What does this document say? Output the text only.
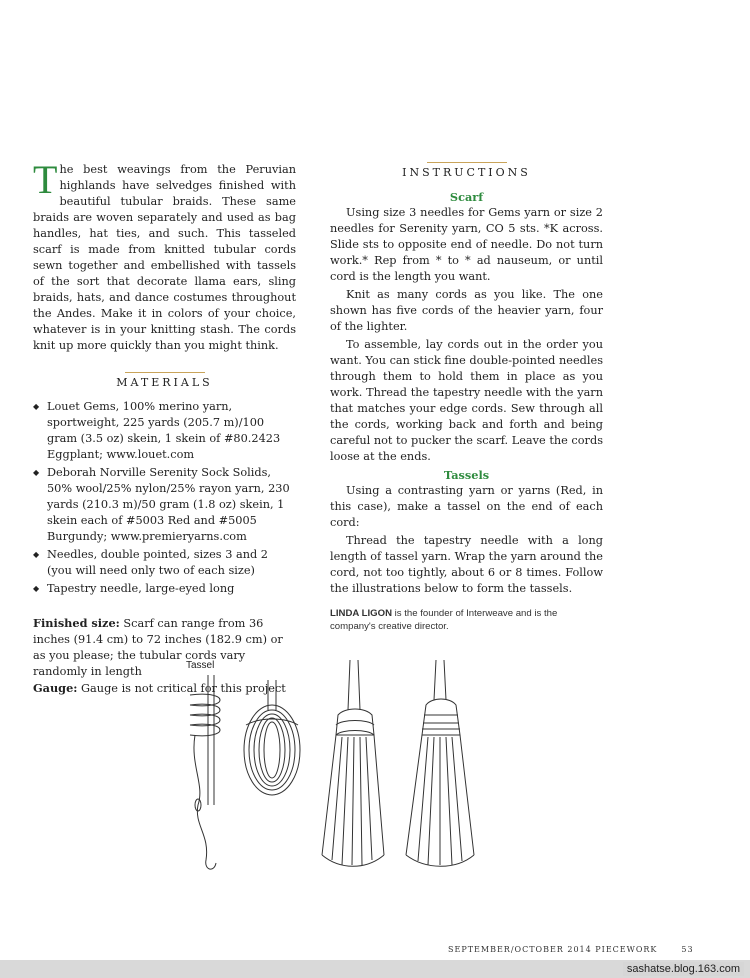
The best weavings from the Peruvian highlands have selvedges finished with beautiful tubular braids. These same braids are woven separately and used as bag handles, hat ties, and such. This tasseled scarf is made from knitted tubular cords sewn together and embellished with tassels of the sort that decorate llama ears, sling braids, hats, and dance costumes throughout the Andes. Make it in colors of your choice, whatever is in your knitting stash. The cords knit up more quickly than you might think.

MATERIALS
◆ Louet Gems, 100% merino yarn, sportweight, 225 yards (205.7 m)/100 gram (3.5 oz) skein, 1 skein of #80.2423 Eggplant; www.louet.com
◆ Deborah Norville Serenity Sock Solids, 50% wool/25% nylon/25% rayon yarn, 230 yards (210.3 m)/50 gram (1.8 oz) skein, 1 skein each of #5003 Red and #5005 Burgundy; www.premieryarns.com
◆ Needles, double pointed, sizes 3 and 2 (you will need only two of each size)
◆ Tapestry needle, large-eyed long

Finished size: Scarf can range from 36 inches (91.4 cm) to 72 inches (182.9 cm) or as you please; the tubular cords vary randomly in length

Gauge: Gauge is not critical for this project

INSTRUCTIONS

Scarf

Using size 3 needles for Gems yarn or size 2 needles for Serenity yarn, CO 5 sts. *K across. Slide sts to opposite end of needle. Do not turn work.* Rep from * to * ad nauseum, or until cord is the length you want.

Knit as many cords as you like. The one shown has five cords of the heavier yarn, four of the lighter.

To assemble, lay cords out in the order you want. You can stick fine double-pointed needles through them to hold them in place as you work. Thread the tapestry needle with the yarn that matches your edge cords. Sew through all the cords, working back and forth and being careful not to pucker the scarf. Leave the cords loose at the ends.

Tassels

Using a contrasting yarn or yarns (Red, in this case), make a tassel on the end of each cord:

Thread the tapestry needle with a long length of tassel yarn. Wrap the yarn around the cord, not too tightly, about 6 or 8 times. Follow the illustrations below to form the tassels.

LINDA LIGON is the founder of Interweave and is the company's creative director.
Tassel
SEPTEMBER/OCTOBER 2014 PIECEWORK	53
sashatse.blog.163.com
